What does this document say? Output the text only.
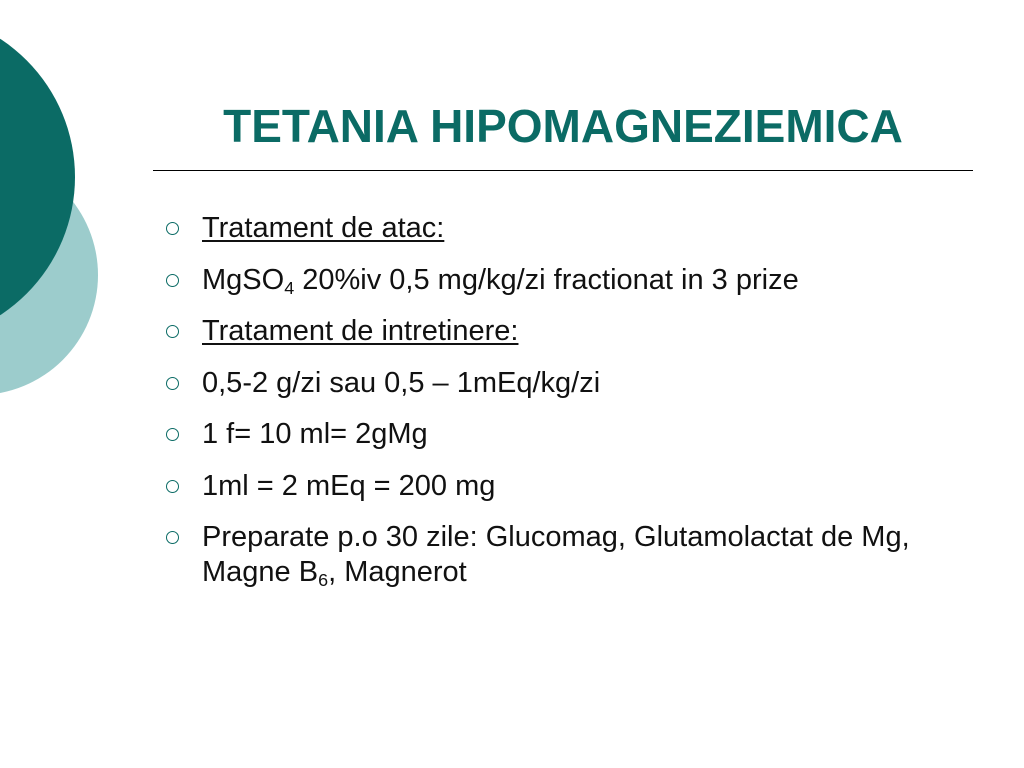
TETANIA HIPOMAGNEZIEMICA
Tratament de atac:
MgSO$_4$ 20%iv 0,5 mg/kg/zi fractionat in 3 prize
Tratament de intretinere:
0,5-2 g/zi sau 0,5 – 1mEq/kg/zi
1 f= 10 ml= 2gMg
1ml = 2 mEq = 200 mg
Preparate p.o 30 zile: Glucomag, Glutamolactat de Mg, Magne $B_6$, Magnerot
